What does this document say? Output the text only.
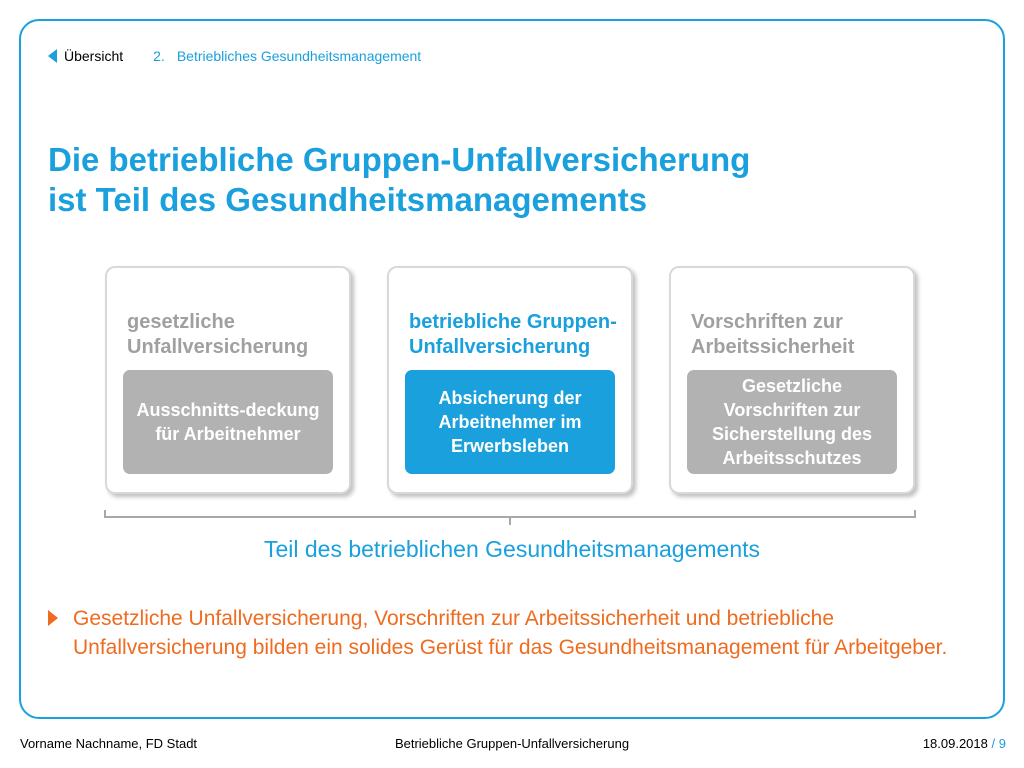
Übersicht 2. Betriebliches Gesundheitsmanagement
Die betriebliche Gruppen-Unfallversicherung
ist Teil des Gesundheitsmanagements
gesetzliche Unfallversicherung
Ausschnitts-deckung für Arbeitnehmer
betriebliche Gruppen-Unfallversicherung
Absicherung der Arbeitnehmer im Erwerbsleben
Vorschriften zur Arbeitssicherheit
Gesetzliche Vorschriften zur Sicherstellung des Arbeitsschutzes
Teil des betrieblichen Gesundheitsmanagements
Gesetzliche Unfallversicherung, Vorschriften zur Arbeitssicherheit und betriebliche Unfallversicherung bilden ein solides Gerüst für das Gesundheitsmanagement für Arbeitgeber.
Vorname Nachname, FD Stadt	Betriebliche Gruppen-Unfallversicherung	18.09.2018 / 9
